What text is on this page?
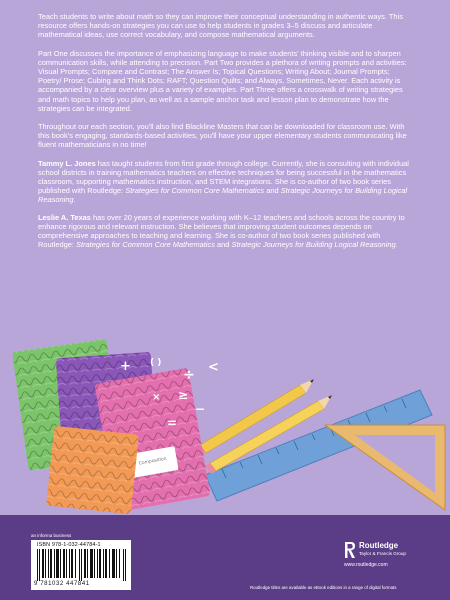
Teach students to write about math so they can improve their conceptual understanding in authentic ways. This resource offers hands-on strategies you can use to help students in grades 3–5 discuss and articulate mathematical ideas, use correct vocabulary, and compose mathematical arguments.

Part One discusses the importance of emphasizing language to make students' thinking visible and to sharpen communication skills, while attending to precision. Part Two provides a plethora of writing prompts and activities: Visual Prompts; Compare and Contrast; The Answer Is; Topical Questions; Writing About; Journal Prompts; Poetry/ Prose; Cubing and Think Dots; RAFT; Question Quilts; and Always, Sometimes, Never. Each activity is accompanied by a clear overview plus a variety of examples. Part Three offers a crosswalk of writing strategies and math topics to help you plan, as well as a sample anchor task and lesson plan to demonstrate how the strategies can be integrated.

Throughout our each section, you'll also find Blackline Masters that can be downloaded for classroom use. With this book's engaging, standards-based activities, you'll have your upper elementary students communicating like fluent mathematicians in no time!

Tammy L. Jones has taught students from first grade through college. Currently, she is consulting with individual school districts in training mathematics teachers on effective techniques for being successful in the mathematics classroom, supporting mathematics instruction, and STEM integrations. She is co-author of two book series published with Routledge: Strategies for Common Core Mathematics and Strategic Journeys for Building Logical Reasoning.

Leslie A. Texas has over 20 years of experience working with K–12 teachers and schools across the country to enhance rigorous and relevant instruction. She believes that improving student outcomes depends on comprehensive approaches to teaching and learning. She is co-author of two book series published with Routledge: Strategies for Common Core Mathematics and Strategic Journeys for Building Logical Reasoning.

Composition
+ ( )
÷ <
≥
=
×
−
an informa business
ISBN 978-1-032-44784-1
9 781032 447841
Routledge
Taylor & Francis Group
www.routledge.com
Routledge titles are available as eBook editions in a range of digital formats
